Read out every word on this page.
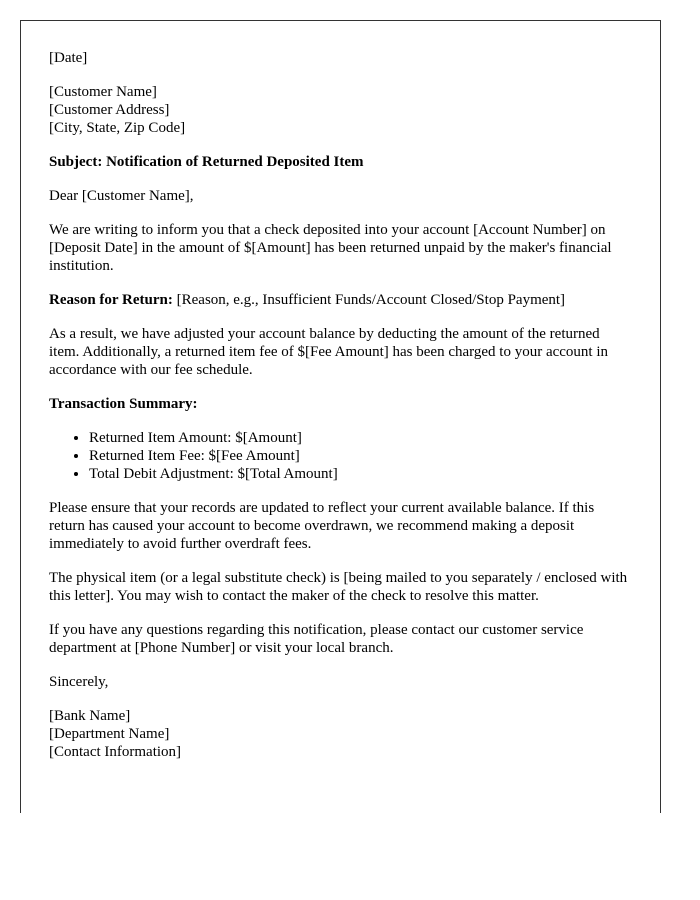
[Date]

[Customer Name]
[Customer Address]
[City, State, Zip Code]

Subject: Notification of Returned Deposited Item

Dear [Customer Name],

We are writing to inform you that a check deposited into your account [Account Number] on [Deposit Date] in the amount of $[Amount] has been returned unpaid by the maker's financial institution.

Reason for Return: [Reason, e.g., Insufficient Funds/Account Closed/Stop Payment]

As a result, we have adjusted your account balance by deducting the amount of the returned item. Additionally, a returned item fee of $[Fee Amount] has been charged to your account in accordance with our fee schedule.

Transaction Summary:

• Returned Item Amount: $[Amount]
• Returned Item Fee: $[Fee Amount]
• Total Debit Adjustment: $[Total Amount]

Please ensure that your records are updated to reflect your current available balance. If this return has caused your account to become overdrawn, we recommend making a deposit immediately to avoid further overdraft fees.

The physical item (or a legal substitute check) is [being mailed to you separately / enclosed with this letter]. You may wish to contact the maker of the check to resolve this matter.

If you have any questions regarding this notification, please contact our customer service department at [Phone Number] or visit your local branch.

Sincerely,

[Bank Name]
[Department Name]
[Contact Information]
